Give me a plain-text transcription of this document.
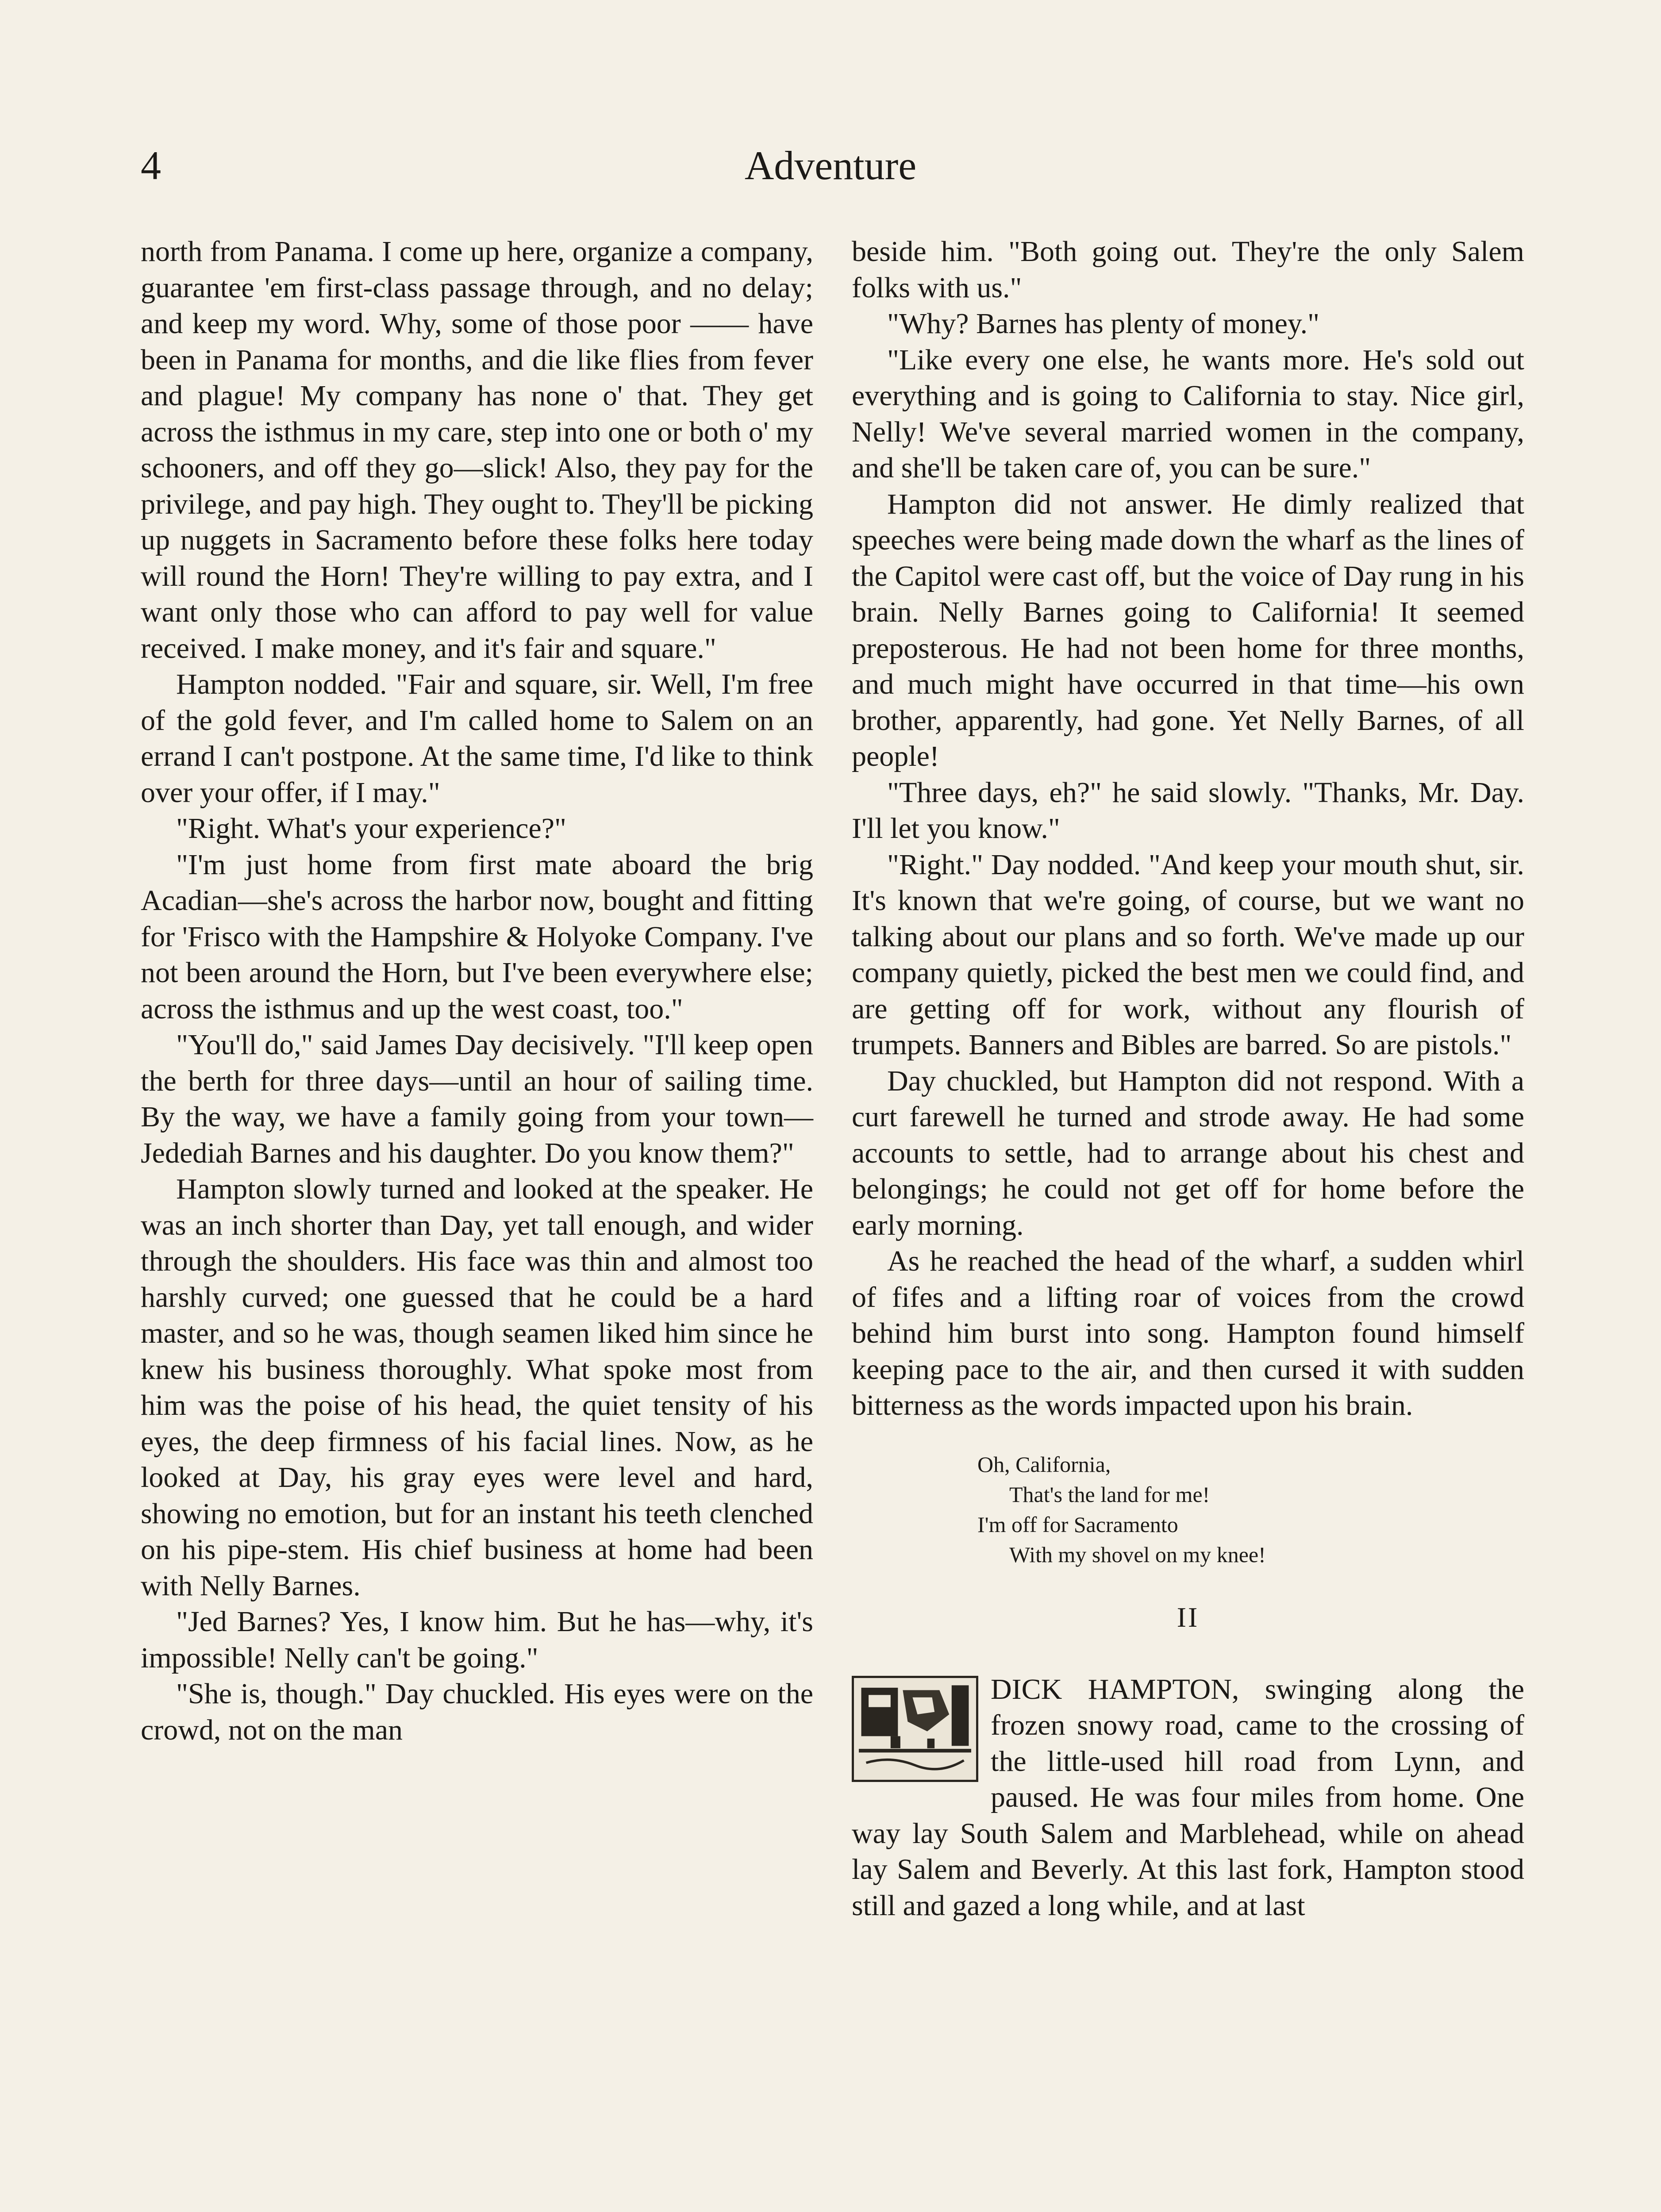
4	Adventure

north from Panama. I come up here, organize a company, guarantee 'em first-class passage through, and no delay; and keep my word. Why, some of those poor —— have been in Panama for months, and die like flies from fever and plague! My company has none o' that. They get across the isthmus in my care, step into one or both o' my schooners, and off they go—slick! Also, they pay for the privilege, and pay high. They ought to. They'll be picking up nuggets in Sacramento before these folks here today will round the Horn! They're willing to pay extra, and I want only those who can afford to pay well for value received. I make money, and it's fair and square."

Hampton nodded. "Fair and square, sir. Well, I'm free of the gold fever, and I'm called home to Salem on an errand I can't postpone. At the same time, I'd like to think over your offer, if I may."

"Right. What's your experience?"

"I'm just home from first mate aboard the brig Acadian—she's across the harbor now, bought and fitting for 'Frisco with the Hampshire & Holyoke Company. I've not been around the Horn, but I've been everywhere else; across the isthmus and up the west coast, too."

"You'll do," said James Day decisively. "I'll keep open the berth for three days—until an hour of sailing time. By the way, we have a family going from your town—Jedediah Barnes and his daughter. Do you know them?"

Hampton slowly turned and looked at the speaker. He was an inch shorter than Day, yet tall enough, and wider through the shoulders. His face was thin and almost too harshly curved; one guessed that he could be a hard master, and so he was, though seamen liked him since he knew his business thoroughly. What spoke most from him was the poise of his head, the quiet tensity of his eyes, the deep firmness of his facial lines. Now, as he looked at Day, his gray eyes were level and hard, showing no emotion, but for an instant his teeth clenched on his pipe-stem. His chief business at home had been with Nelly Barnes.

"Jed Barnes? Yes, I know him. But he has—why, it's impossible! Nelly can't be going."

"She is, though." Day chuckled. His eyes were on the crowd, not on the man

beside him. "Both going out. They're the only Salem folks with us."

"Why? Barnes has plenty of money."

"Like every one else, he wants more. He's sold out everything and is going to California to stay. Nice girl, Nelly! We've several married women in the company, and she'll be taken care of, you can be sure."

Hampton did not answer. He dimly realized that speeches were being made down the wharf as the lines of the Capitol were cast off, but the voice of Day rung in his brain. Nelly Barnes going to California! It seemed preposterous. He had not been home for three months, and much might have occurred in that time—his own brother, apparently, had gone. Yet Nelly Barnes, of all people!

"Three days, eh?" he said slowly. "Thanks, Mr. Day. I'll let you know."

"Right." Day nodded. "And keep your mouth shut, sir. It's known that we're going, of course, but we want no talking about our plans and so forth. We've made up our company quietly, picked the best men we could find, and are getting off for work, without any flourish of trumpets. Banners and Bibles are barred. So are pistols."

Day chuckled, but Hampton did not respond. With a curt farewell he turned and strode away. He had some accounts to settle, had to arrange about his chest and belongings; he could not get off for home before the early morning.

As he reached the head of the wharf, a sudden whirl of fifes and a lifting roar of voices from the crowd behind him burst into song. Hampton found himself keeping pace to the air, and then cursed it with sudden bitterness as the words impacted upon his brain.

Oh, California,
That's the land for me!
I'm off for Sacramento
With my shovel on my knee!
II

DICK HAMPTON, swinging along the frozen snowy road, came to the crossing of the little-used hill road from Lynn, and paused. He was four miles from home. One way lay South Salem and Marblehead, while on ahead lay Salem and Beverly. At this last fork, Hampton stood still and gazed a long while, and at last
